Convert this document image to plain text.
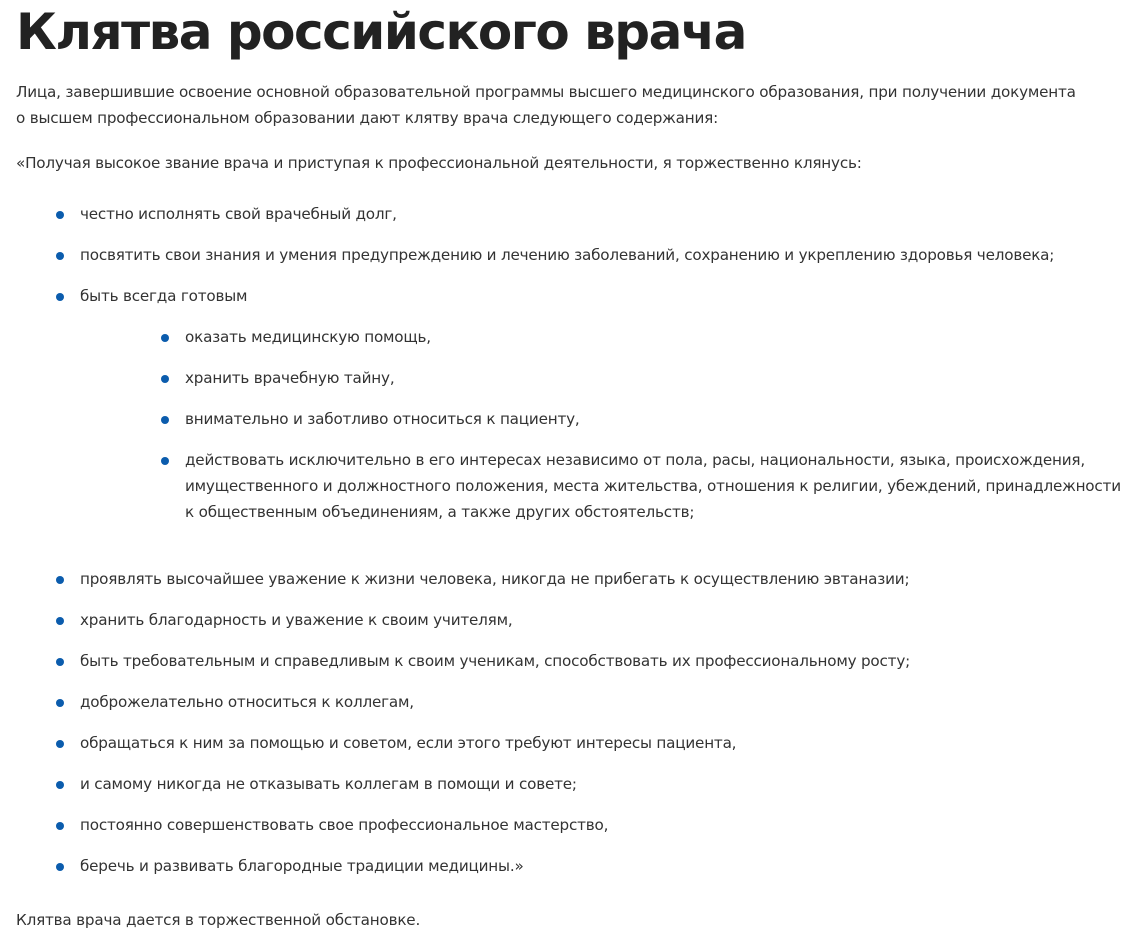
Клятва российского врача

Лица, завершившие освоение основной образовательной программы высшего медицинского образования, при получении документа
о высшем профессиональном образовании дают клятву врача следующего содержания:

«Получая высокое звание врача и приступая к профессиональной деятельности, я торжественно клянусь:

честно исполнять свой врачебный долг,
посвятить свои знания и умения предупреждению и лечению заболеваний, сохранению и укреплению здоровья человека;
быть всегда готовым
оказать медицинскую помощь,
хранить врачебную тайну,
внимательно и заботливо относиться к пациенту,
действовать исключительно в его интересах независимо от пола, расы, национальности, языка, происхождения,
имущественного и должностного положения, места жительства, отношения к религии, убеждений, принадлежности
к общественным объединениям, а также других обстоятельств;
проявлять высочайшее уважение к жизни человека, никогда не прибегать к осуществлению эвтаназии;
хранить благодарность и уважение к своим учителям,
быть требовательным и справедливым к своим ученикам, способствовать их профессиональному росту;
доброжелательно относиться к коллегам,
обращаться к ним за помощью и советом, если этого требуют интересы пациента,
и самому никогда не отказывать коллегам в помощи и совете;
постоянно совершенствовать свое профессиональное мастерство,
беречь и развивать благородные традиции медицины.»

Клятва врача дается в торжественной обстановке.
